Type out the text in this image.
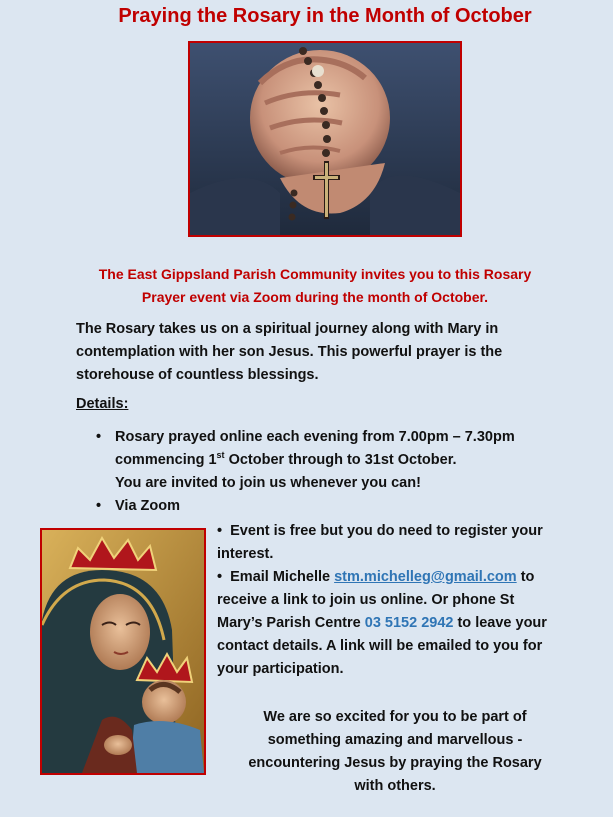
Praying the Rosary in the Month of October
The East Gippsland Parish Community invites you to this Rosary
Prayer event via Zoom during the month of October.
The Rosary takes us on a spiritual journey along with Mary in
contemplation with her son Jesus. This powerful prayer is the
storehouse of countless blessings.
Details:
• Rosary prayed online each evening from 7.00pm – 7.30pm
commencing 1st October through to 31st October.
You are invited to join us whenever you can!
• Via Zoom
• Event is free but you do need to register your
interest.
• Email Michelle stm.michelleg@gmail.com to
receive a link to join us online. Or phone St
Mary’s Parish Centre 03 5152 2942 to leave your
contact details. A link will be emailed to you for
your participation.
We are so excited for you to be part of
something amazing and marvellous -
encountering Jesus by praying the Rosary
with others.
